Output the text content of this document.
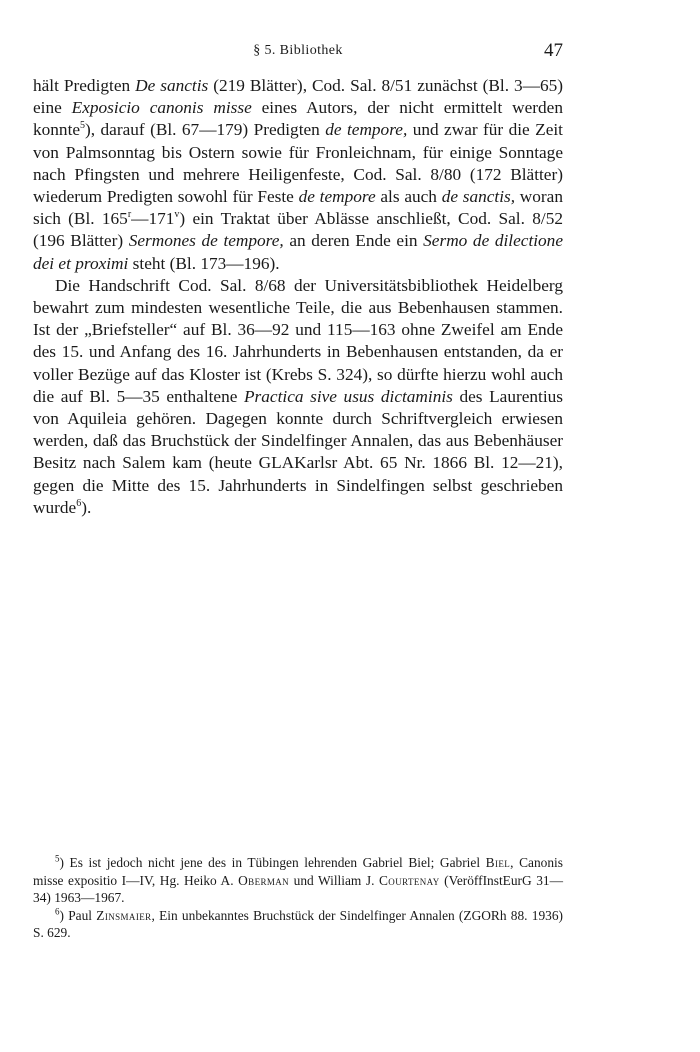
§ 5. Bibliothek	47

hält Predigten De sanctis (219 Blätter), Cod. Sal. 8/51 zunächst (Bl. 3—65) eine Exposicio canonis misse eines Autors, der nicht ermittelt werden konnte$^5$), darauf (Bl. 67—179) Predigten de tempore, und zwar für die Zeit von Palmsonntag bis Ostern sowie für Fronleichnam, für einige Sonntage nach Pfingsten und mehrere Heiligenfeste, Cod. Sal. 8/80 (172 Blätter) wiederum Predigten sowohl für Feste de tempore als auch de sanctis, woran sich (Bl. 165$^r$—171$^v$) ein Traktat über Ablässe anschließt, Cod. Sal. 8/52 (196 Blätter) Sermones de tempore, an deren Ende ein Sermo de dilectione dei et proximi steht (Bl. 173—196).

Die Handschrift Cod. Sal. 8/68 der Universitätsbibliothek Heidelberg bewahrt zum mindesten wesentliche Teile, die aus Bebenhausen stammen. Ist der „Briefsteller“ auf Bl. 36—92 und 115—163 ohne Zweifel am Ende des 15. und Anfang des 16. Jahrhunderts in Bebenhausen entstanden, da er voller Bezüge auf das Kloster ist (Krebs S. 324), so dürfte hierzu wohl auch die auf Bl. 5—35 enthaltene Practica sive usus dictaminis des Laurentius von Aquileia gehören. Dagegen konnte durch Schriftvergleich erwiesen werden, daß das Bruchstück der Sindelfinger Annalen, das aus Bebenhäuser Besitz nach Salem kam (heute GLAKarlsr Abt. 65 Nr. 1866 Bl. 12—21), gegen die Mitte des 15. Jahrhunderts in Sindelfingen selbst geschrieben wurde$^6$).

$^5$) Es ist jedoch nicht jene des in Tübingen lehrenden Gabriel Biel; Gabriel Biel, Canonis misse expositio I—IV, Hg. Heiko A. Oberman und William J. Courtenay (VeröffInstEurG 31—34) 1963—1967.

$^6$) Paul Zinsmaier, Ein unbekanntes Bruchstück der Sindelfinger Annalen (ZGORh 88. 1936) S. 629.
